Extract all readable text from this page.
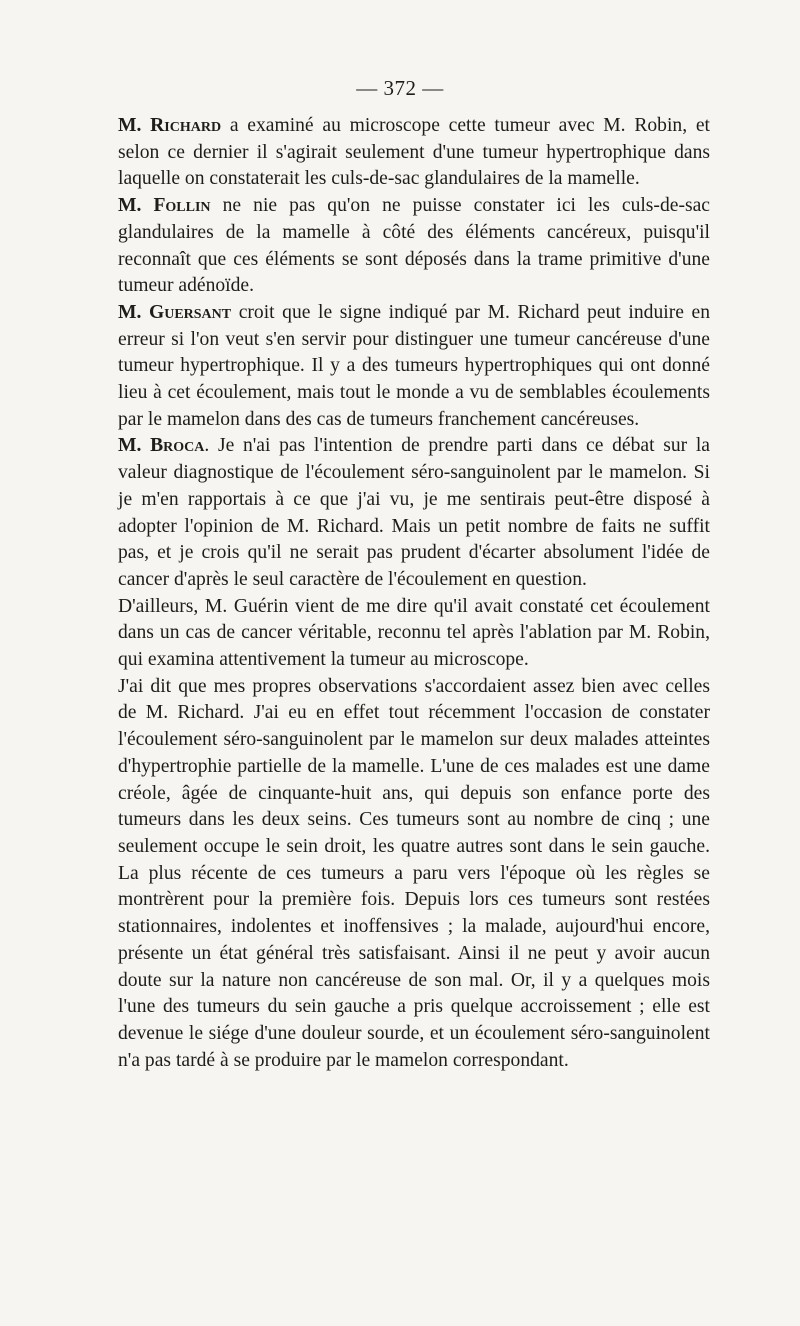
— 372 —

M. Richard a examiné au microscope cette tumeur avec M. Robin, et selon ce dernier il s'agirait seulement d'une tumeur hypertrophique dans laquelle on constaterait les culs-de-sac glandulaires de la mamelle.

M. Follin ne nie pas qu'on ne puisse constater ici les culs-de-sac glandulaires de la mamelle à côté des éléments cancéreux, puisqu'il reconnaît que ces éléments se sont déposés dans la trame primitive d'une tumeur adénoïde.

M. Guersant croit que le signe indiqué par M. Richard peut induire en erreur si l'on veut s'en servir pour distinguer une tumeur cancéreuse d'une tumeur hypertrophique. Il y a des tumeurs hypertrophiques qui ont donné lieu à cet écoulement, mais tout le monde a vu de semblables écoulements par le mamelon dans des cas de tumeurs franchement cancéreuses.

M. Broca. Je n'ai pas l'intention de prendre parti dans ce débat sur la valeur diagnostique de l'écoulement séro-sanguinolent par le mamelon. Si je m'en rapportais à ce que j'ai vu, je me sentirais peut-être disposé à adopter l'opinion de M. Richard. Mais un petit nombre de faits ne suffit pas, et je crois qu'il ne serait pas prudent d'écarter absolument l'idée de cancer d'après le seul caractère de l'écoulement en question.

D'ailleurs, M. Guérin vient de me dire qu'il avait constaté cet écoulement dans un cas de cancer véritable, reconnu tel après l'ablation par M. Robin, qui examina attentivement la tumeur au microscope.

J'ai dit que mes propres observations s'accordaient assez bien avec celles de M. Richard. J'ai eu en effet tout récemment l'occasion de constater l'écoulement séro-sanguinolent par le mamelon sur deux malades atteintes d'hypertrophie partielle de la mamelle. L'une de ces malades est une dame créole, âgée de cinquante-huit ans, qui depuis son enfance porte des tumeurs dans les deux seins. Ces tumeurs sont au nombre de cinq ; une seulement occupe le sein droit, les quatre autres sont dans le sein gauche. La plus récente de ces tumeurs a paru vers l'époque où les règles se montrèrent pour la première fois. Depuis lors ces tumeurs sont restées stationnaires, indolentes et inoffensives ; la malade, aujourd'hui encore, présente un état général très satisfaisant. Ainsi il ne peut y avoir aucun doute sur la nature non cancéreuse de son mal. Or, il y a quelques mois l'une des tumeurs du sein gauche a pris quelque accroissement ; elle est devenue le siége d'une douleur sourde, et un écoulement séro-sanguinolent n'a pas tardé à se produire par le mamelon correspondant.
